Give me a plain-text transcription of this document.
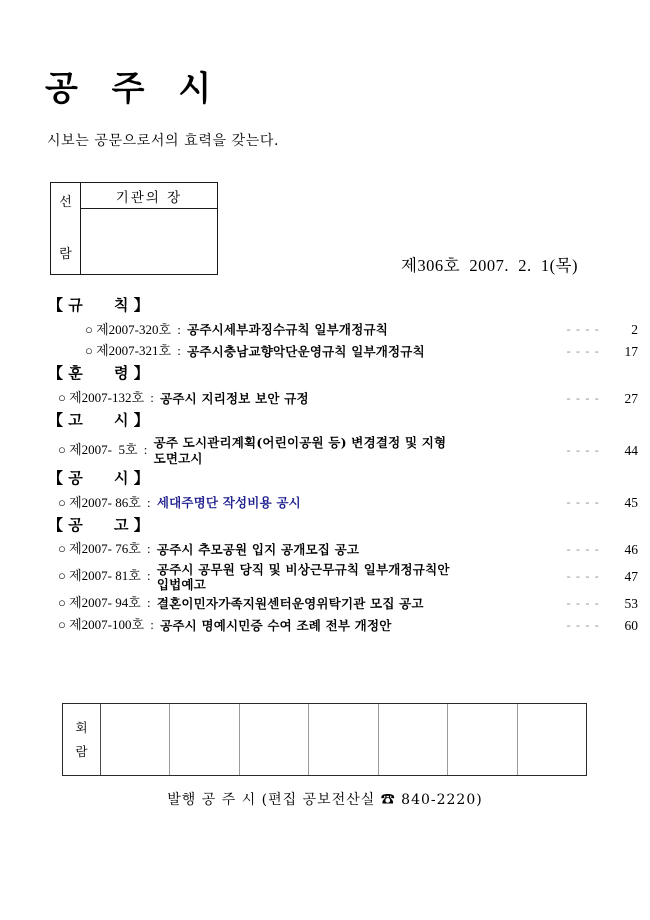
공 주 시
시보는 공문으로서의 효력을 갖는다.
선
람
기관의 장
제306호  2007.  2.  1(목)
【 규      칙 】
○ 제2007-320호 : 공주시세부과징수규칙 일부개정규칙	- - - -	2
○ 제2007-321호 : 공주시충남교향악단운영규칙 일부개정규칙	- - - -	17
【 훈      령 】
○ 제2007-132호 : 공주시 지리정보 보안 규정	- - - -	27
【 고      시 】
○ 제2007-  5호 : 공주 도시관리계획(어린이공원 등) 변경결정 및 지형
도면고시
- - - -	44
【 공      시 】
○ 제2007- 86호 : 세대주명단 작성비용 공시	- - - -	45
【 공      고 】
○ 제2007- 76호 : 공주시 추모공원 입지 공개모집 공고	- - - -	46
○ 제2007- 81호 : 공주시 공무원 당직 및 비상근무규칙 일부개정규칙안
입법예고
- - - -	47
○ 제2007- 94호 : 결혼이민자가족지원센터운영위탁기관 모집 공고	- - - -	53
○ 제2007-100호 : 공주시 명예시민증 수여 조례 전부 개정안	- - - -	60
회
람
발행 공 주 시 (편집 공보전산실 ☎ 840-2220)
